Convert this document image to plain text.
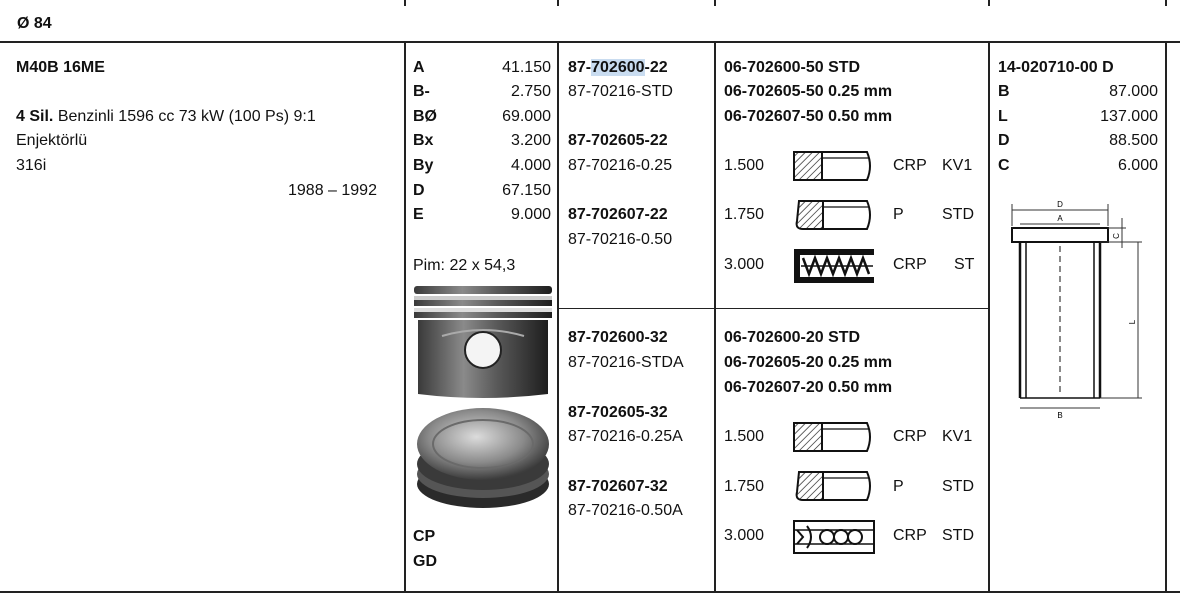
Ø 84
M40B 16ME
4 Sil. Benzinli 1596 cc 73 kW (100 Ps) 9:1
Enjektörlü
316i
1988 – 1992
A	41.150
B-	2.750
BØ	69.000
Bx	3.200
By	4.000
D	67.150
E	9.000
Pim: 22 x 54,3
CP
GD
87-702600-22
87-70216-STD
87-702605-22
87-70216-0.25
87-702607-22
87-70216-0.50
87-702600-32
87-70216-STDA
87-702605-32
87-70216-0.25A
87-702607-32
87-70216-0.50A
06-702600-50 STD
06-702605-50 0.25 mm
06-702607-50 0.50 mm
1.500	CRP KV1
1.750	P STD
3.000	CRP ST
06-702600-20 STD
06-702605-20 0.25 mm
06-702607-20 0.50 mm
1.500	CRP KV1
1.750	P STD
3.000	CRP STD
14-020710-00 D
B	87.000
L	137.000
D	88.500
C	6.000
D
A
B
C
L
